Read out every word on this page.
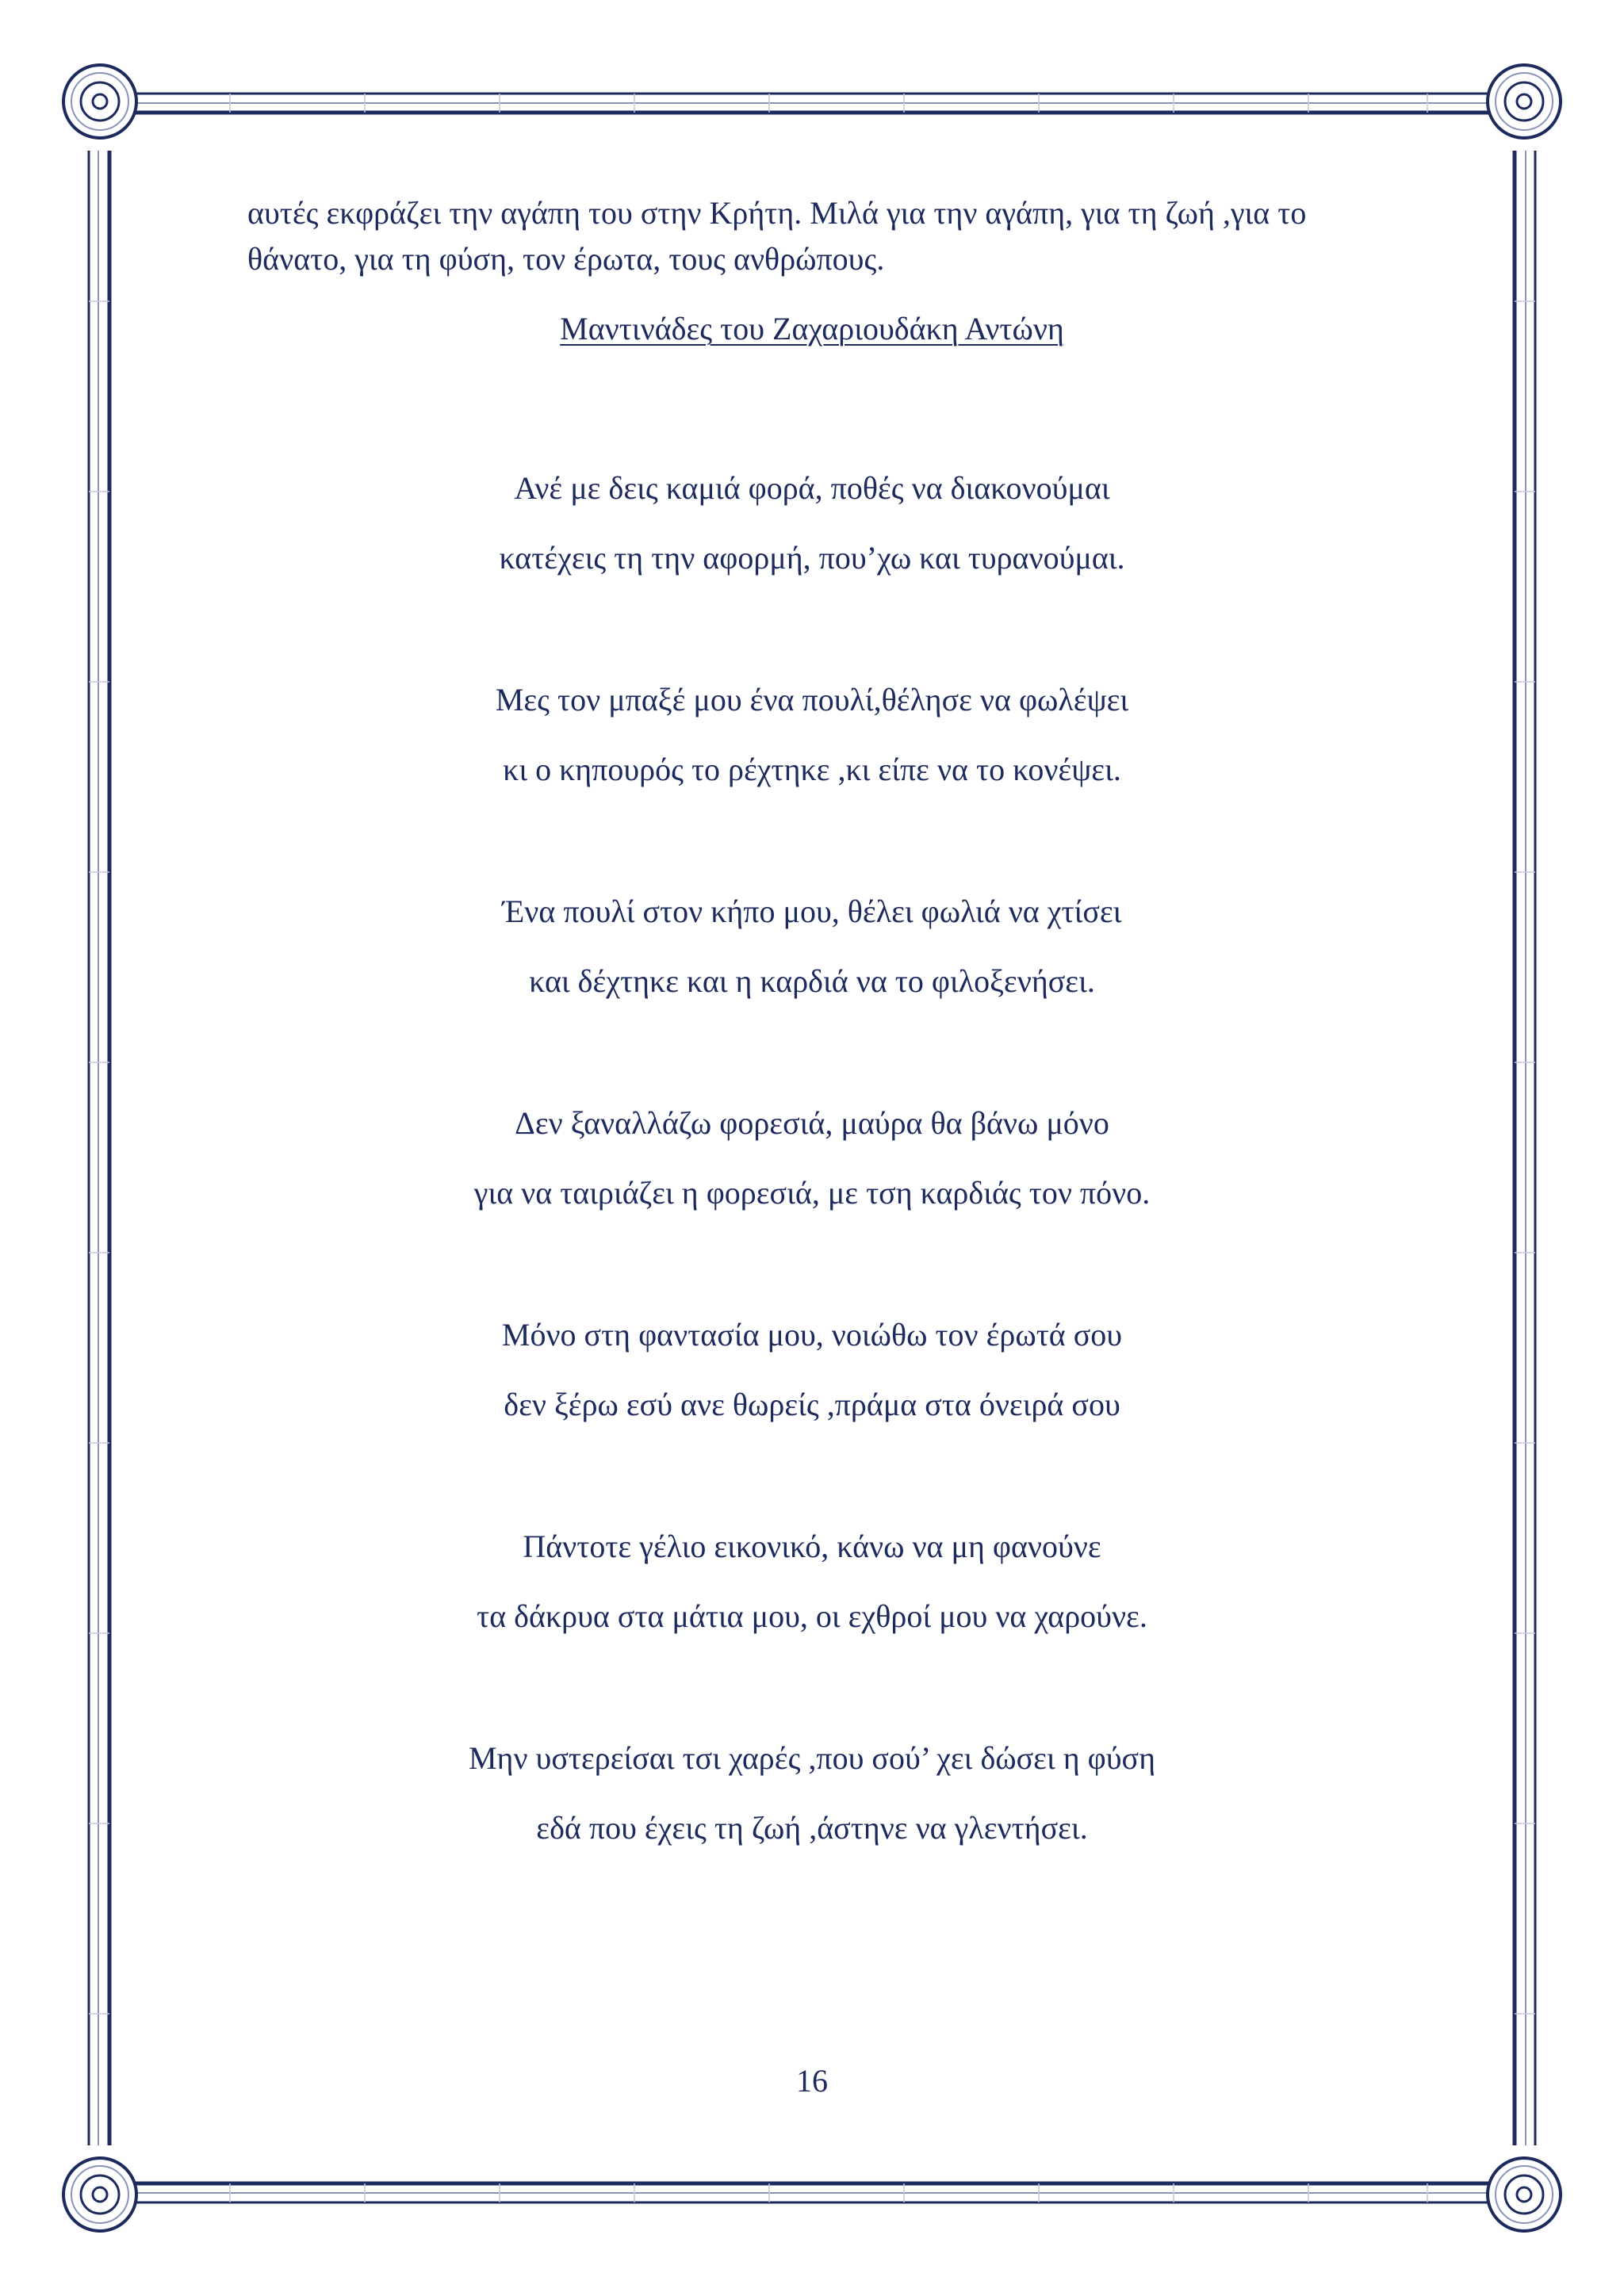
αυτές εκφράζει την αγάπη του στην Κρήτη. Μιλά για την αγάπη, για τη ζωή ,για το
θάνατο, για τη φύση, τον έρωτα, τους ανθρώπους.
Μαντινάδες του Ζαχαριουδάκη Αντώνη
Ανέ με δεις καμιά φορά, ποθές να διακονούμαι
κατέχεις τη την αφορμή, που’χω και τυρανούμαι.
Μες τον μπαξέ μου ένα πουλί,θέλησε να φωλέψει
κι ο κηπουρός το ρέχτηκε ,κι είπε να το κονέψει.
Ένα πουλί στον κήπο μου, θέλει φωλιά να χτίσει
και δέχτηκε και η καρδιά να το φιλοξενήσει.
Δεν ξαναλλάζω φορεσιά, μαύρα θα βάνω μόνο
για να ταιριάζει η φορεσιά, με τση καρδιάς τον πόνο.
Μόνο στη φαντασία μου, νοιώθω τον έρωτά σου
δεν ξέρω εσύ ανε θωρείς ,πράμα στα όνειρά σου
Πάντοτε γέλιο εικονικό, κάνω να μη φανούνε
τα δάκρυα στα μάτια μου, οι εχθροί μου να χαρούνε.
Μην υστερείσαι τσι χαρές ,που σού’ χει δώσει η φύση
εδά που έχεις τη ζωή ,άστηνε να γλεντήσει.
16
